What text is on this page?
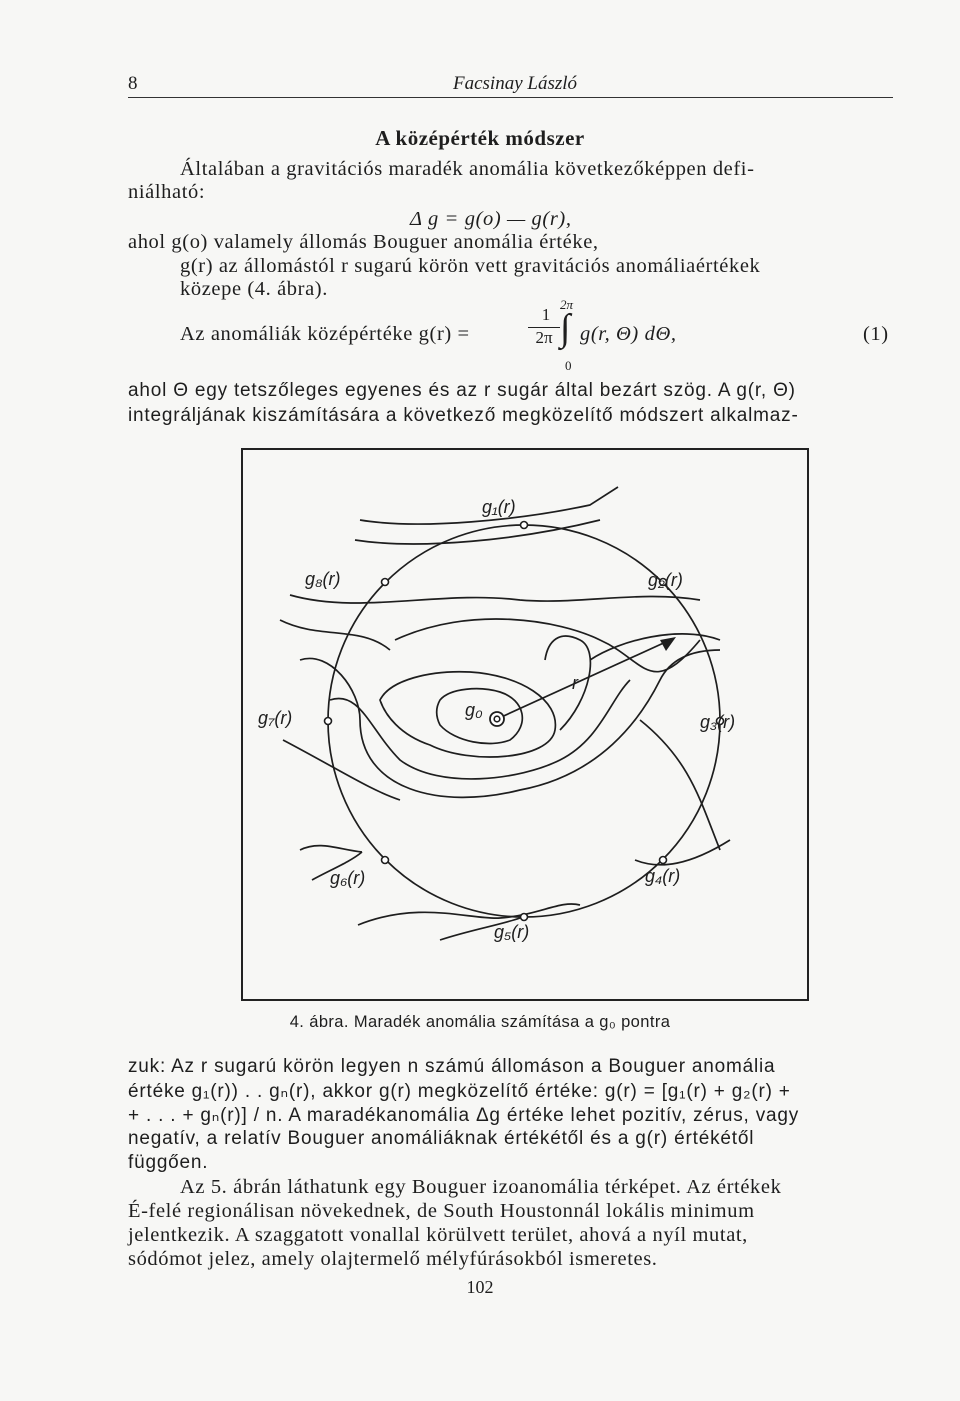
8	Facsinay László
A középérték módszer
Általában a gravitációs maradék anomália következőképpen defi-
niálható:
Δ g = g(o) — g(r),
ahol g(o) valamely állomás Bouguer anomália értéke,
g(r) az állomástól r sugarú körön vett gravitációs anomáliaértékek
közepe (4. ábra).
2π
Az anomáliák középértéke g(r) =
1
2π ∫ g(r, Θ) dΘ,	(1)
0
ahol Θ egy tetszőleges egyenes és az r sugár által bezárt szög. A g(r, Θ)
integráljának kiszámítására a következő megközelítő módszert alkalmaz-
g₁(r)
g₂(r)
g₃(r)
g₄(r)
g₅(r)
g₆(r)
g₇(r)
g₈(r)
g₀
r
4. ábra. Maradék anomália számítása a g₀ pontra
zuk: Az r sugarú körön legyen n számú állomáson a Bouguer anomália
értéke g₁(r)) . . gₙ(r), akkor g(r) megközelítő értéke: g(r) = [g₁(r) + g₂(r) +
+ . . . + gₙ(r)] / n. A maradékanomália Δg értéke lehet pozitív, zérus, vagy
negatív, a relatív Bouguer anomáliáknak értékétől és a g(r) értékétől
függően.
Az 5. ábrán láthatunk egy Bouguer izoanomália térképet. Az értékek
É-felé regionálisan növekednek, de South Houstonnál lokális minimum
jelentkezik. A szaggatott vonallal körülvett terület, ahová a nyíl mutat,
sódómot jelez, amely olajtermelő mélyfúrásokból ismeretes.
102
